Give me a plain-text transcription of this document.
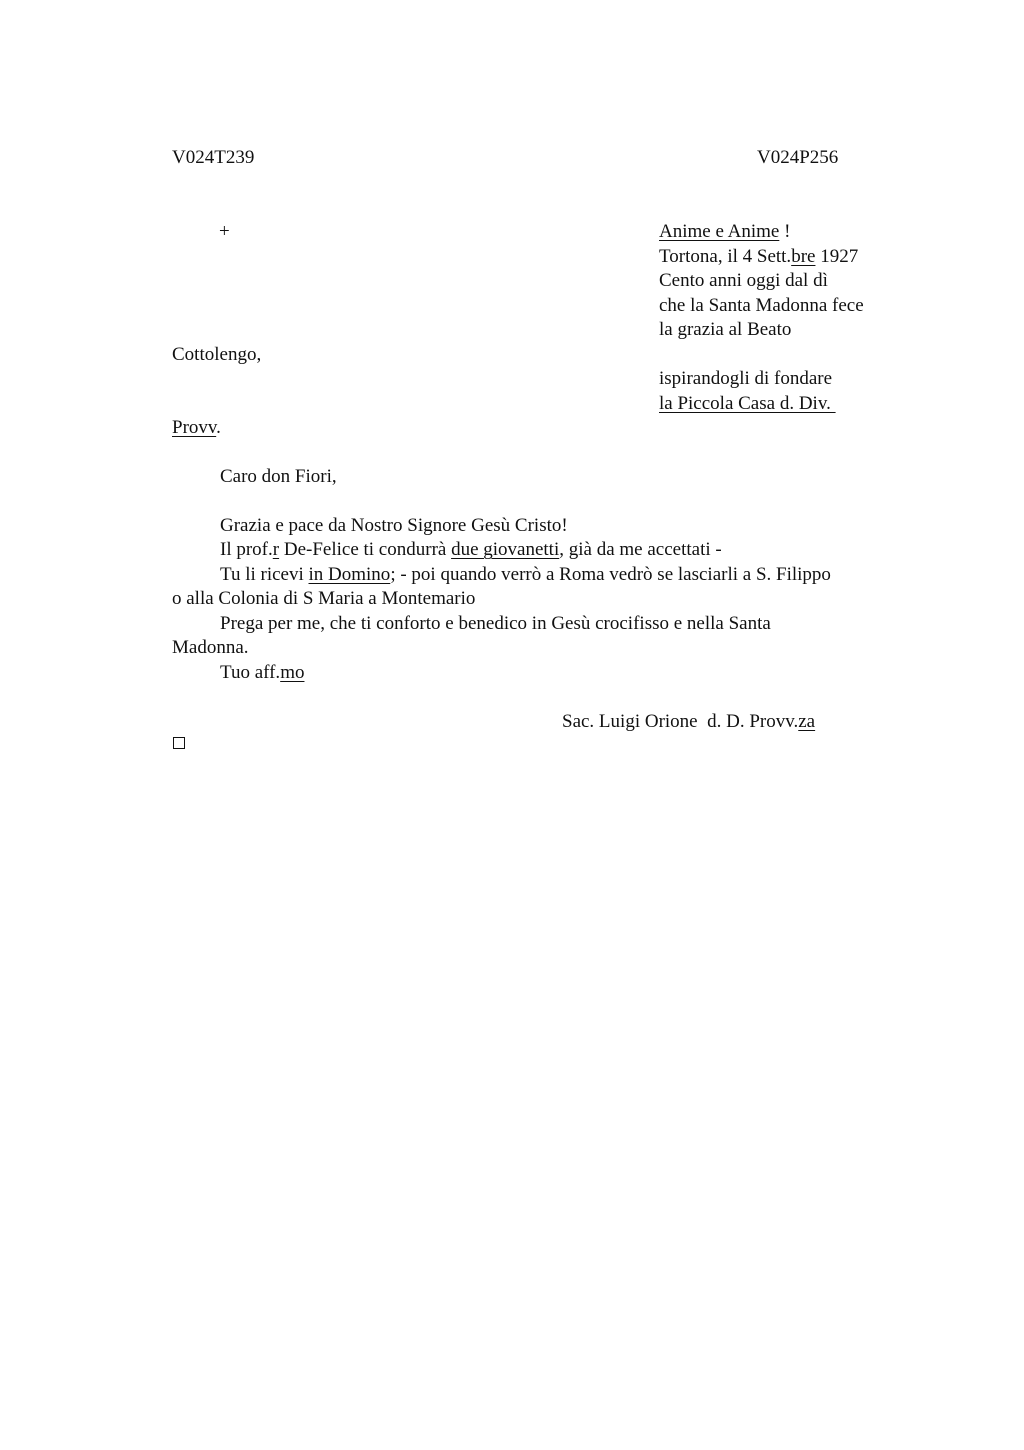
V024T239	V024P256
+	Anime e Anime !
Tortona, il 4 Sett.bre 1927
Cento anni oggi dal dì
che la Santa Madonna fece
la grazia al Beato
Cottolengo,
ispirandogli di fondare
la Piccola Casa d. Div.
Provv.
Caro don Fiori,
Grazia e pace da Nostro Signore Gesù Cristo!
Il prof.r De-Felice ti condurrà due giovanetti, già da me accettati -
Tu li ricevi in Domino; - poi quando verrò a Roma vedrò se lasciarli a S. Filippo
o alla Colonia di S Maria a Montemario
Prega per me, che ti conforto e benedico in Gesù crocifisso e nella Santa
Madonna.
Tuo aff.mo
Sac. Luigi Orione  d. D. Provv.za
